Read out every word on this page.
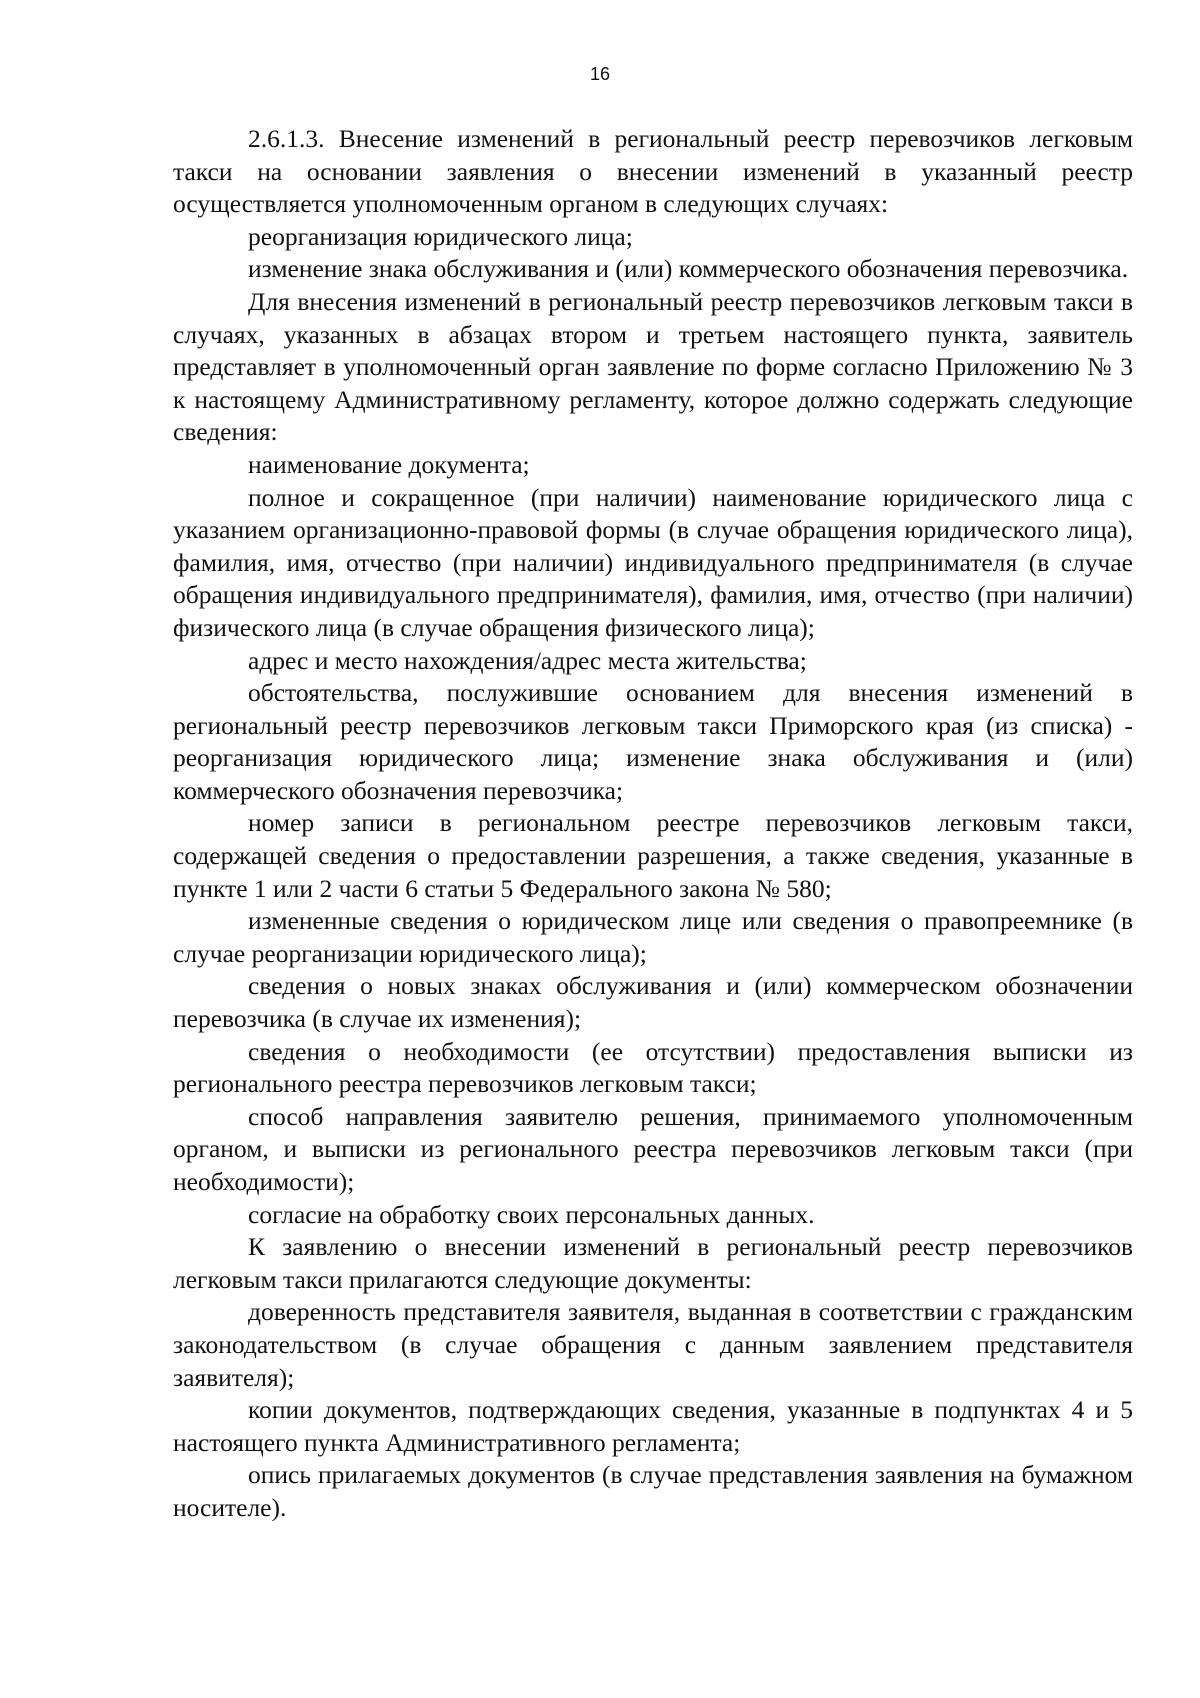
16

2.6.1.3. Внесение изменений в региональный реестр перевозчиков легковым такси на основании заявления о внесении изменений в указанный реестр осуществляется уполномоченным органом в следующих случаях:

реорганизация юридического лица;

изменение знака обслуживания и (или) коммерческого обозначения перевозчика.

Для внесения изменений в региональный реестр перевозчиков легковым такси в случаях, указанных в абзацах втором и третьем настоящего пункта, заявитель представляет в уполномоченный орган заявление по форме согласно Приложению № 3 к настоящему Административному регламенту, которое должно содержать следующие сведения:

наименование документа;

полное и сокращенное (при наличии) наименование юридического лица с указанием организационно-правовой формы (в случае обращения юридического лица), фамилия, имя, отчество (при наличии) индивидуального предпринимателя (в случае обращения индивидуального предпринимателя), фамилия, имя, отчество (при наличии) физического лица (в случае обращения физического лица);

адрес и место нахождения/адрес места жительства;

обстоятельства, послужившие основанием для внесения изменений в региональный реестр перевозчиков легковым такси Приморского края (из списка) - реорганизация юридического лица; изменение знака обслуживания и (или) коммерческого обозначения перевозчика;

номер записи в региональном реестре перевозчиков легковым такси, содержащей сведения о предоставлении разрешения, а также сведения, указанные в пункте 1 или 2 части 6 статьи 5 Федерального закона № 580;

измененные сведения о юридическом лице или сведения о правопреемнике (в случае реорганизации юридического лица);

сведения о новых знаках обслуживания и (или) коммерческом обозначении перевозчика (в случае их изменения);

сведения о необходимости (ее отсутствии) предоставления выписки из регионального реестра перевозчиков легковым такси;

способ направления заявителю решения, принимаемого уполномоченным органом, и выписки из регионального реестра перевозчиков легковым такси (при необходимости);

согласие на обработку своих персональных данных.

К заявлению о внесении изменений в региональный реестр перевозчиков легковым такси прилагаются следующие документы:

доверенность представителя заявителя, выданная в соответствии с гражданским законодательством (в случае обращения с данным заявлением представителя заявителя);

копии документов, подтверждающих сведения, указанные в подпунктах 4 и 5 настоящего пункта Административного регламента;

опись прилагаемых документов (в случае представления заявления на бумажном носителе).
